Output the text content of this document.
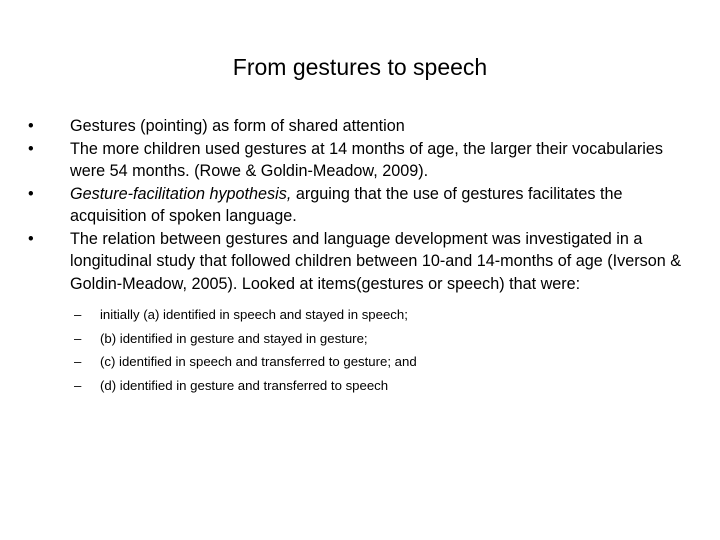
From gestures to speech
•	Gestures (pointing) as form of shared attention
•	The more children used gestures at 14 months of age, the larger their vocabularies were 54 months. (Rowe & Goldin-Meadow, 2009).
•	Gesture-facilitation hypothesis, arguing that the use of gestures facilitates the acquisition of spoken language.
•	The relation between gestures and language development was investigated in a longitudinal study that followed children between 10-and 14-months of age (Iverson & Goldin-Meadow, 2005). Looked at items(gestures or speech) that were:
– initially (a) identified in speech and stayed in speech;
– (b) identified in gesture and stayed in gesture;
– (c) identified in speech and transferred to gesture; and
– (d) identified in gesture and transferred to speech
